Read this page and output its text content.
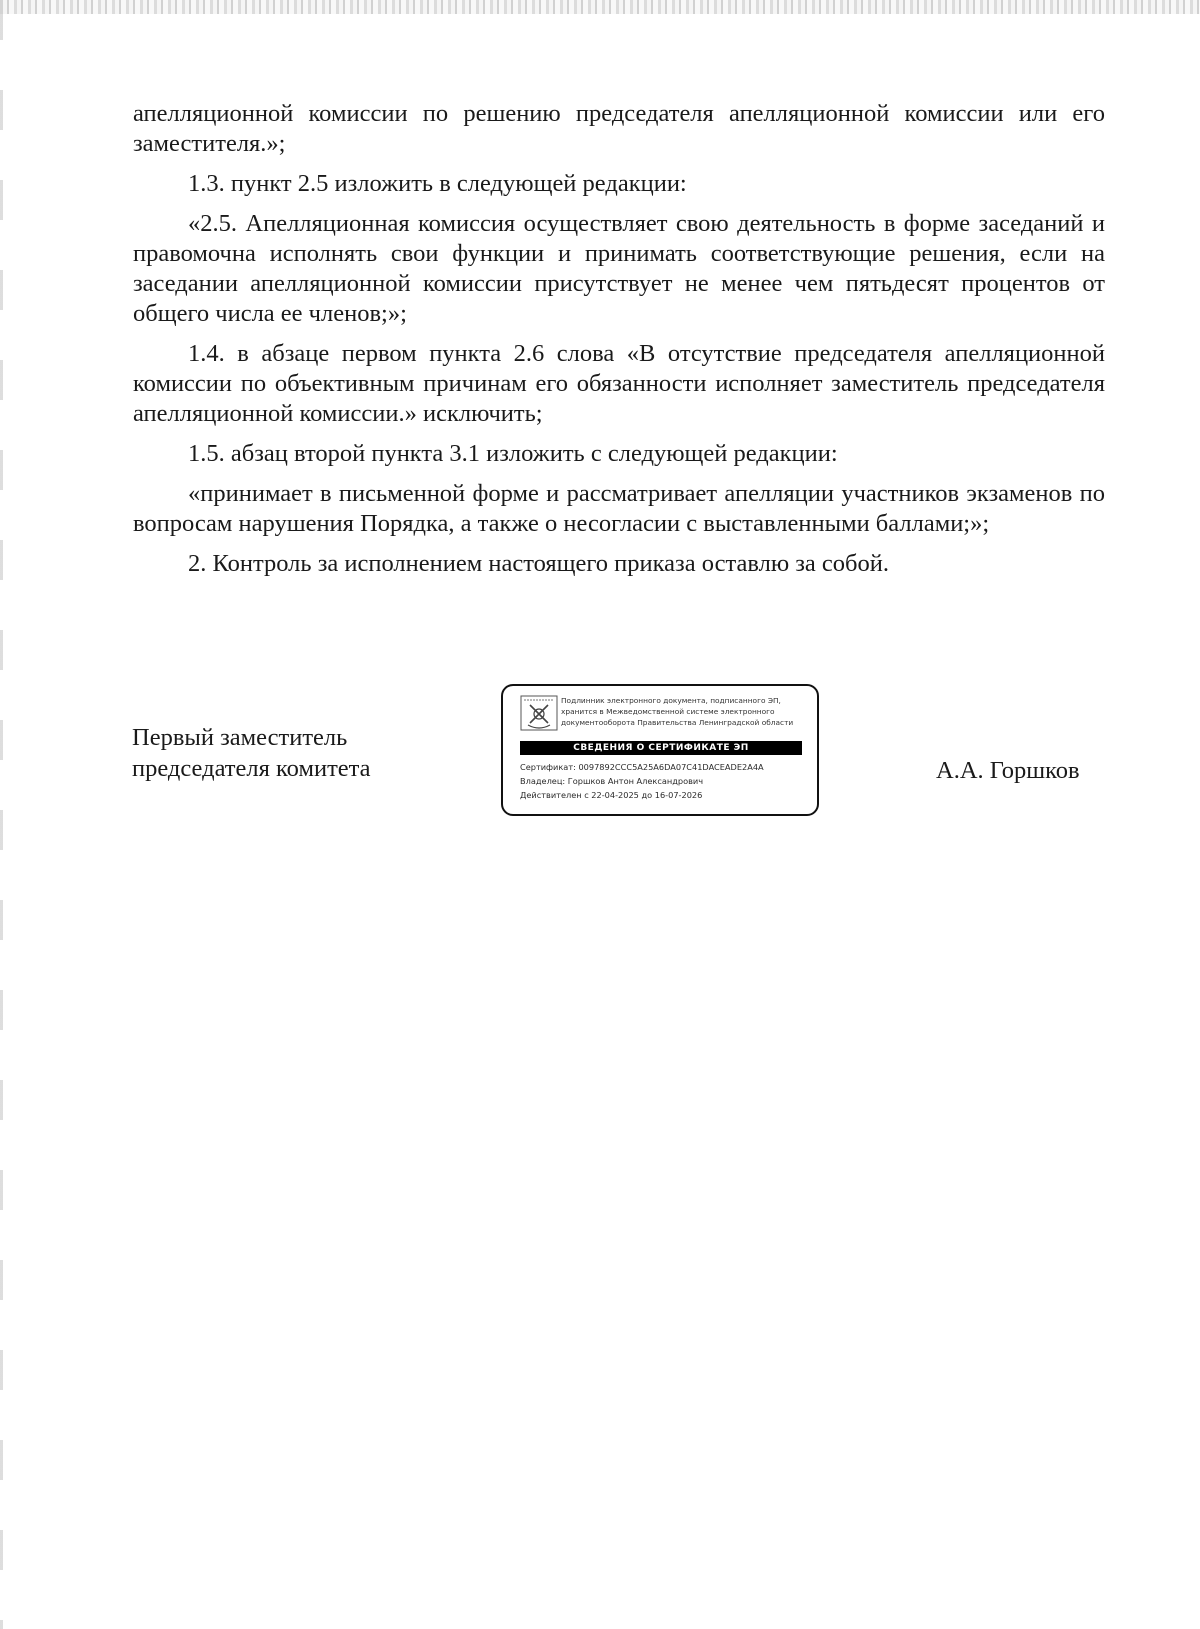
апелляционной комиссии по решению председателя апелляционной комиссии или его заместителя.»;

1.3. пункт 2.5 изложить в следующей редакции:

«2.5. Апелляционная комиссия осуществляет свою деятельность в форме заседаний и правомочна исполнять свои функции и принимать соответствующие решения, если на заседании апелляционной комиссии присутствует не менее чем пятьдесят процентов от общего числа ее членов;»;

1.4. в абзаце первом пункта 2.6 слова «В отсутствие председателя апелляционной комиссии по объективным причинам его обязанности исполняет заместитель председателя апелляционной комиссии.» исключить;

1.5. абзац второй пункта 3.1 изложить с следующей редакции:

«принимает в письменной форме и рассматривает апелляции участников экзаменов по вопросам нарушения Порядка, а также о несогласии с выставленными баллами;»;

2. Контроль за исполнением настоящего приказа оставлю за собой.

Первый заместитель
председателя комитета
Подлинник электронного документа, подписанного ЭП,
хранится в Межведомственной системе электронного
документооборота Правительства Ленинградской области
СВЕДЕНИЯ О СЕРТИФИКАТЕ ЭП
Сертификат: 0097892CCC5A25A6DA07C41DACEADE2A4A
Владелец: Горшков Антон Александрович
Действителен с 22-04-2025 до 16-07-2026
А.А. Горшков
